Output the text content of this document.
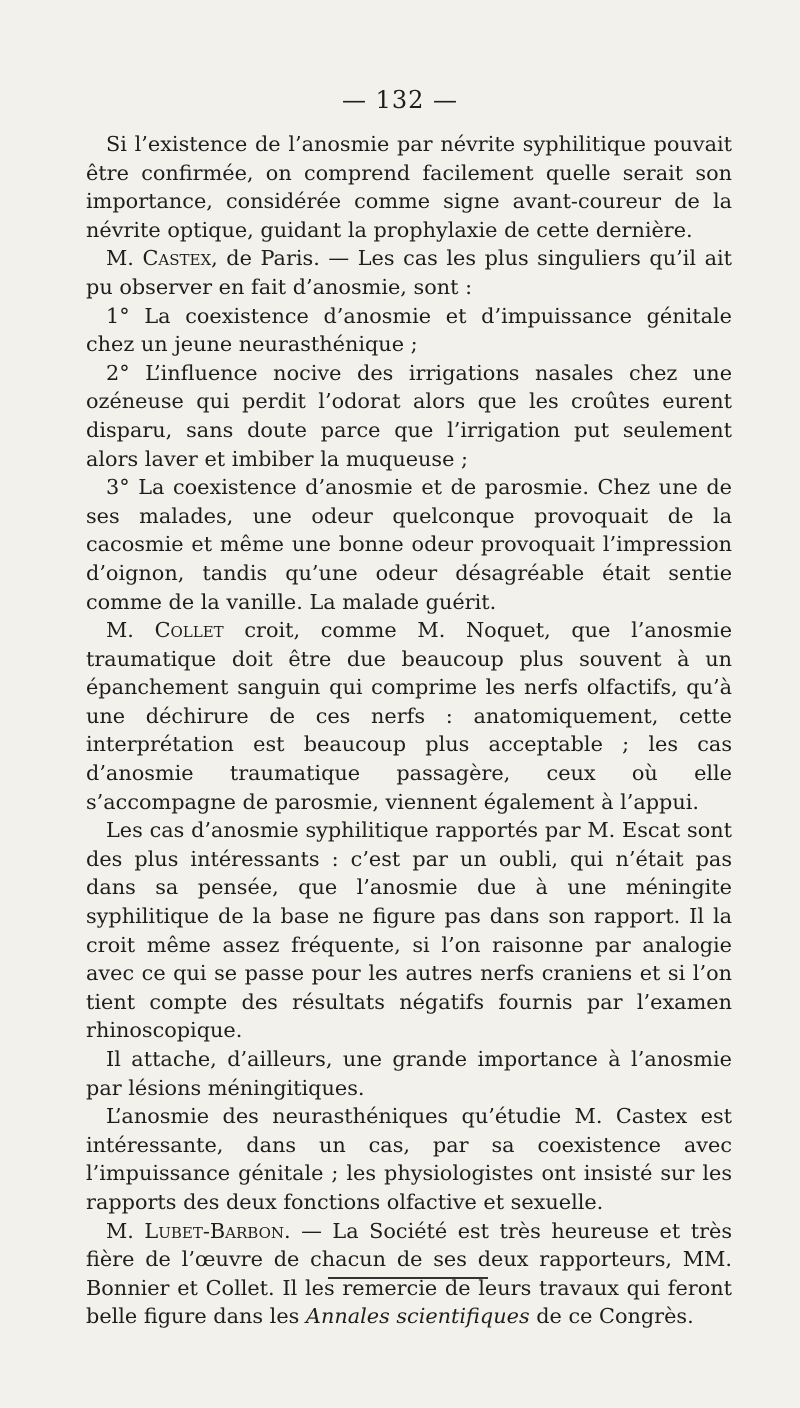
— 132 —

Si l’existence de l’anosmie par névrite syphilitique pouvait être confirmée, on comprend facilement quelle serait son importance, considérée comme signe avant-coureur de la névrite optique, guidant la prophylaxie de cette dernière.

M. Castex, de Paris. — Les cas les plus singuliers qu’il ait pu observer en fait d’anosmie, sont :

1° La coexistence d’anosmie et d’impuissance génitale chez un jeune neurasthénique ;

2° L’influence nocive des irrigations nasales chez une ozéneuse qui perdit l’odorat alors que les croûtes eurent disparu, sans doute parce que l’irrigation put seulement alors laver et imbiber la muqueuse ;

3° La coexistence d’anosmie et de parosmie. Chez une de ses malades, une odeur quelconque provoquait de la cacosmie et même une bonne odeur provoquait l’impression d’oignon, tandis qu’une odeur désagréable était sentie comme de la vanille. La malade guérit.

M. Collet croit, comme M. Noquet, que l’anosmie traumatique doit être due beaucoup plus souvent à un épanchement sanguin qui comprime les nerfs olfactifs, qu’à une déchirure de ces nerfs : anatomiquement, cette interprétation est beaucoup plus acceptable ; les cas d’anosmie traumatique passagère, ceux où elle s’accompagne de parosmie, viennent également à l’appui.

Les cas d’anosmie syphilitique rapportés par M. Escat sont des plus intéressants : c’est par un oubli, qui n’était pas dans sa pensée, que l’anosmie due à une méningite syphilitique de la base ne figure pas dans son rapport. Il la croit même assez fréquente, si l’on raisonne par analogie avec ce qui se passe pour les autres nerfs craniens et si l’on tient compte des résultats négatifs fournis par l’examen rhinoscopique.

Il attache, d’ailleurs, une grande importance à l’anosmie par lésions méningitiques.

L’anosmie des neurasthéniques qu’étudie M. Castex est intéressante, dans un cas, par sa coexistence avec l’impuissance génitale ; les physiologistes ont insisté sur les rapports des deux fonctions olfactive et sexuelle.

M. Lubet-Barbon. — La Société est très heureuse et très fière de l’œuvre de chacun de ses deux rapporteurs, MM. Bonnier et Collet. Il les remercie de leurs travaux qui feront belle figure dans les Annales scientifiques de ce Congrès.
